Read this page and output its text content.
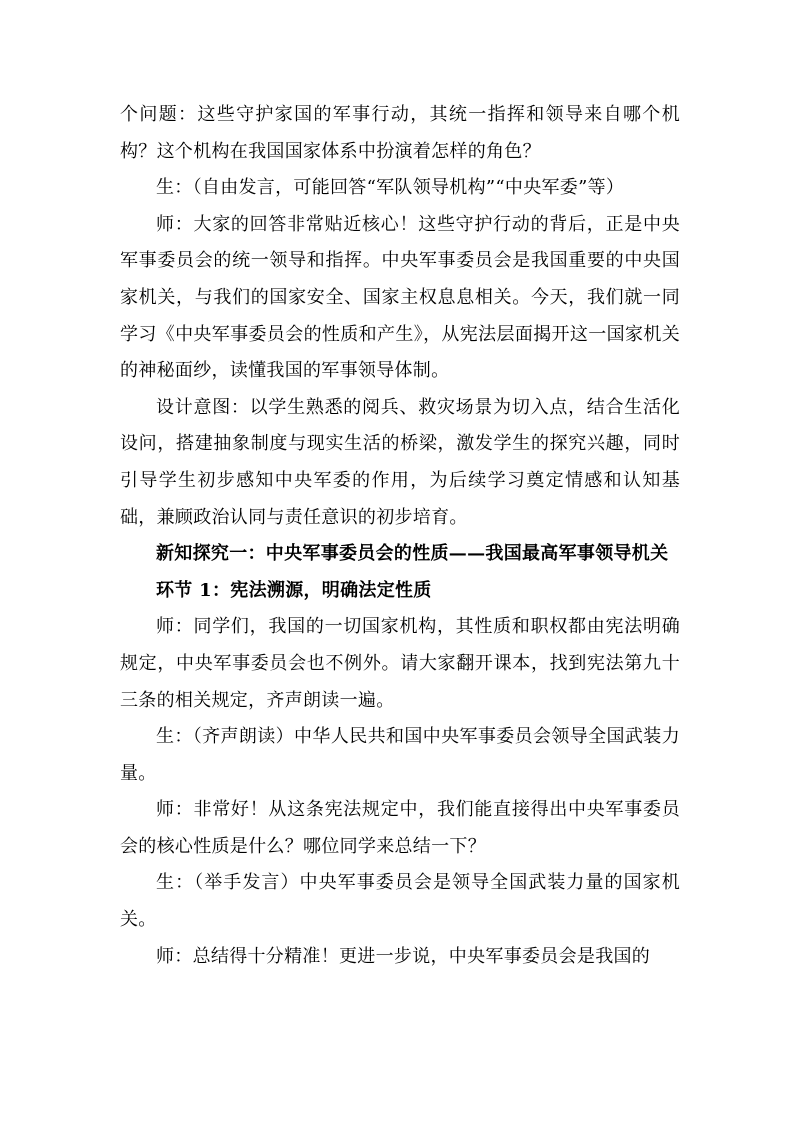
个问题：这些守护家国的军事行动，其统一指挥和领导来自哪个机构？这个机构在我国国家体系中扮演着怎样的角色？

生：（自由发言，可能回答“军队领导机构”“中央军委”等）

师：大家的回答非常贴近核心！这些守护行动的背后，正是中央军事委员会的统一领导和指挥。中央军事委员会是我国重要的中央国家机关，与我们的国家安全、国家主权息息相关。今天，我们就一同学习《中央军事委员会的性质和产生》，从宪法层面揭开这一国家机关的神秘面纱，读懂我国的军事领导体制。

设计意图：以学生熟悉的阅兵、救灾场景为切入点，结合生活化设问，搭建抽象制度与现实生活的桥梁，激发学生的探究兴趣，同时引导学生初步感知中央军委的作用，为后续学习奠定情感和认知基础，兼顾政治认同与责任意识的初步培育。

新知探究一：中央军事委员会的性质——我国最高军事领导机关

环节 1：宪法溯源，明确法定性质

师：同学们，我国的一切国家机构，其性质和职权都由宪法明确规定，中央军事委员会也不例外。请大家翻开课本，找到宪法第九十三条的相关规定，齐声朗读一遍。

生：（齐声朗读）中华人民共和国中央军事委员会领导全国武装力量。

师：非常好！从这条宪法规定中，我们能直接得出中央军事委员会的核心性质是什么？哪位同学来总结一下？

生：（举手发言）中央军事委员会是领导全国武装力量的国家机关。

师：总结得十分精准！更进一步说，中央军事委员会是我国的
